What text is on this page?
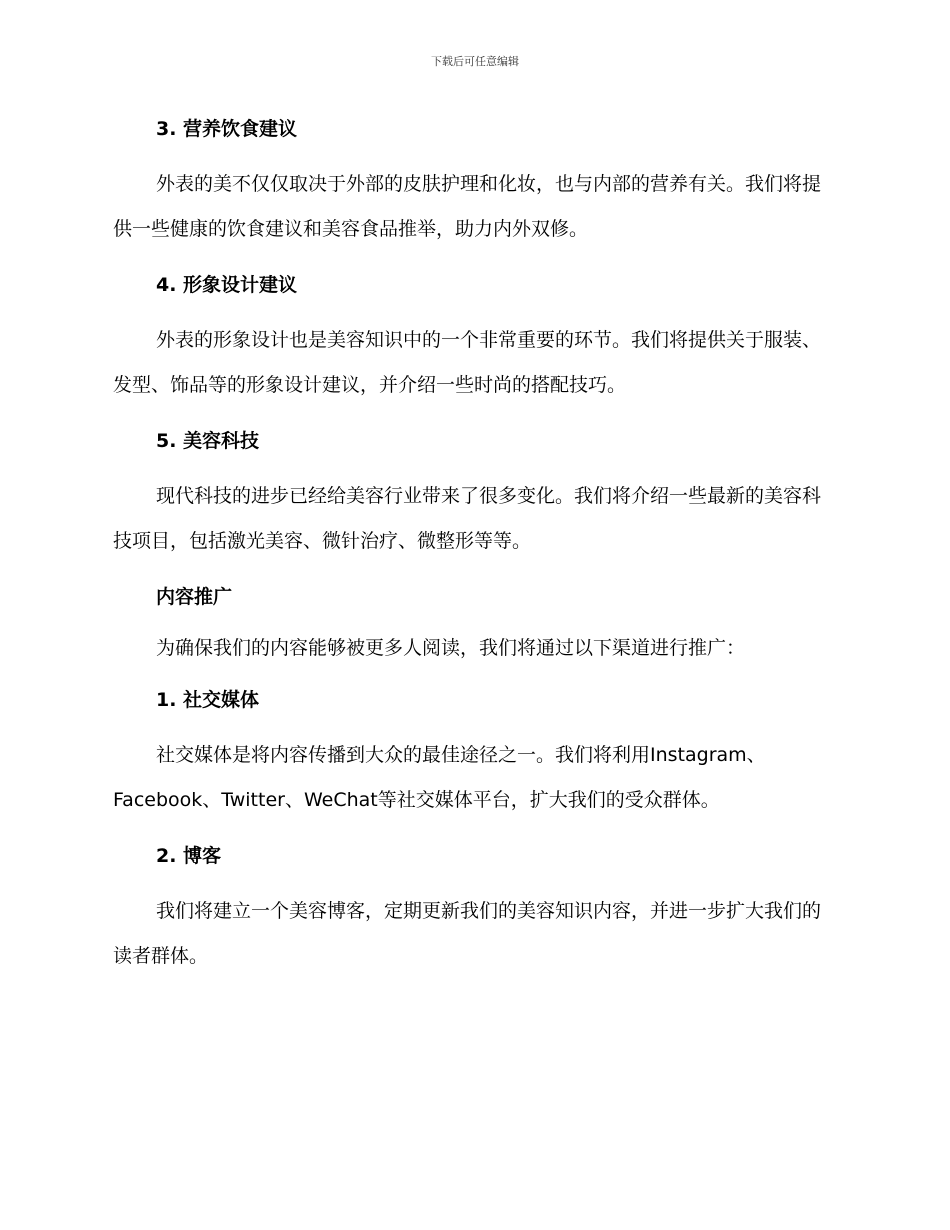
下载后可任意编辑
3. 营养饮食建议

外表的美不仅仅取决于外部的皮肤护理和化妆，也与内部的营养有关。我们将提供一些健康的饮食建议和美容食品推举，助力内外双修。

4. 形象设计建议

外表的形象设计也是美容知识中的一个非常重要的环节。我们将提供关于服装、发型、饰品等的形象设计建议，并介绍一些时尚的搭配技巧。

5. 美容科技

现代科技的进步已经给美容行业带来了很多变化。我们将介绍一些最新的美容科技项目，包括激光美容、微针治疗、微整形等等。

内容推广

为确保我们的内容能够被更多人阅读，我们将通过以下渠道进行推广：

1. 社交媒体

社交媒体是将内容传播到大众的最佳途径之一。我们将利用Instagram、Facebook、Twitter、WeChat等社交媒体平台，扩大我们的受众群体。

2. 博客

我们将建立一个美容博客，定期更新我们的美容知识内容，并进一步扩大我们的读者群体。
